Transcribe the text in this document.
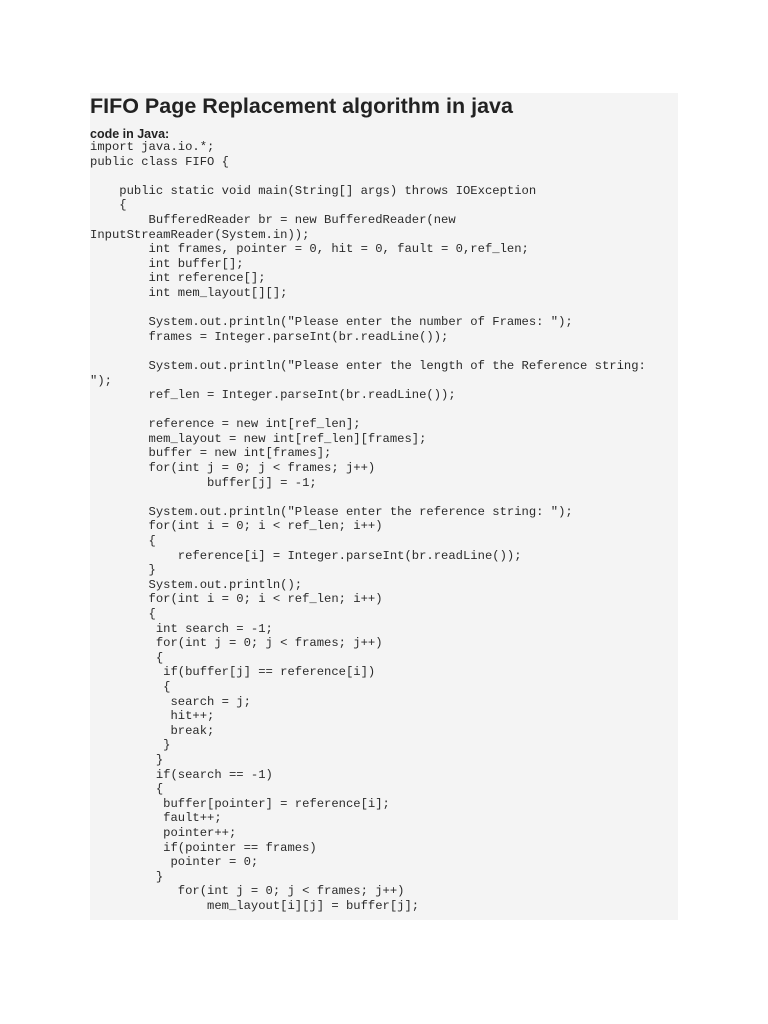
FIFO Page Replacement algorithm in java
code in Java:
import java.io.*;
public class FIFO {
public static void main(String[] args) throws IOException
{
BufferedReader br = new BufferedReader(new
InputStreamReader(System.in));
int frames, pointer = 0, hit = 0, fault = 0,ref_len;
int buffer[];
int reference[];
int mem_layout[][];
System.out.println("Please enter the number of Frames: ");
frames = Integer.parseInt(br.readLine());
System.out.println("Please enter the length of the Reference string:
");
ref_len = Integer.parseInt(br.readLine());
reference = new int[ref_len];
mem_layout = new int[ref_len][frames];
buffer = new int[frames];
for(int j = 0; j < frames; j++)
buffer[j] = -1;
System.out.println("Please enter the reference string: ");
for(int i = 0; i < ref_len; i++)
{
reference[i] = Integer.parseInt(br.readLine());
}
System.out.println();
for(int i = 0; i < ref_len; i++)
{
int search = -1;
for(int j = 0; j < frames; j++)
{
if(buffer[j] == reference[i])
{
search = j;
hit++;
break;
}
}
if(search == -1)
{
buffer[pointer] = reference[i];
fault++;
pointer++;
if(pointer == frames)
pointer = 0;
}
for(int j = 0; j < frames; j++)
mem_layout[i][j] = buffer[j];
